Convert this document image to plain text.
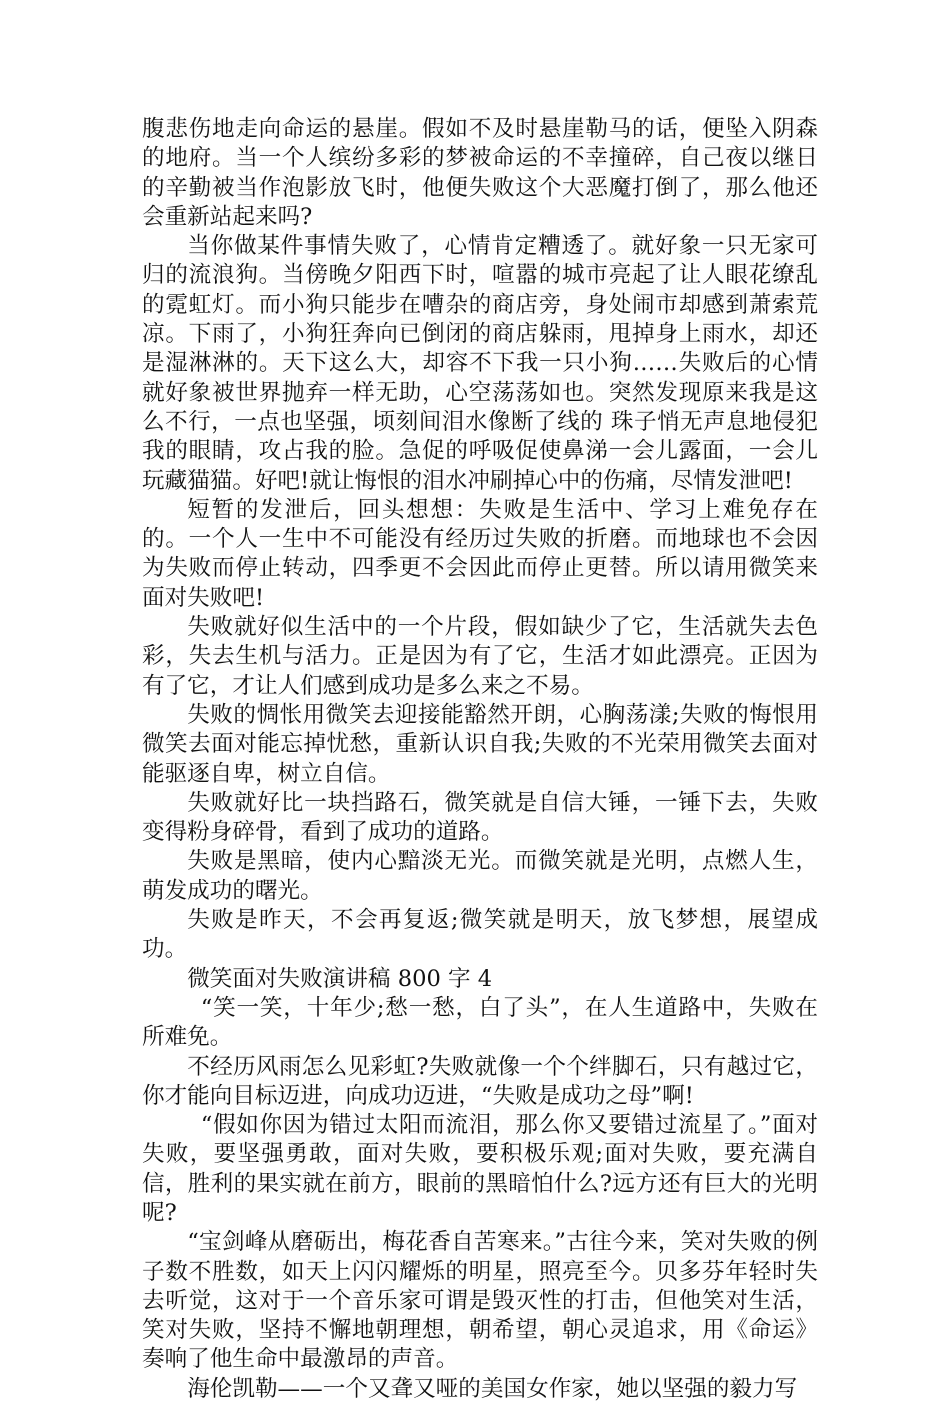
腹悲伤地走向命运的悬崖。假如不及时悬崖勒马的话，便坠入阴森的地府。当一个人缤纷多彩的梦被命运的不幸撞碎，自己夜以继日的辛勤被当作泡影放飞时，他便失败这个大恶魔打倒了，那么他还会重新站起来吗?

当你做某件事情失败了，心情肯定糟透了。就好象一只无家可归的流浪狗。当傍晚夕阳西下时，喧嚣的城市亮起了让人眼花缭乱的霓虹灯。而小狗只能步在嘈杂的商店旁，身处闹市却感到萧索荒凉。下雨了，小狗狂奔向已倒闭的商店躲雨，甩掉身上雨水，却还是湿淋淋的。天下这么大，却容不下我一只小狗……失败后的心情就好象被世界抛弃一样无助，心空荡荡如也。突然发现原来我是这么不行，一点也坚强，顷刻间泪水像断了线的 珠子悄无声息地侵犯我的眼睛，攻占我的脸。急促的呼吸促使鼻涕一会儿露面，一会儿玩藏猫猫。好吧!就让悔恨的泪水冲刷掉心中的伤痛，尽情发泄吧!

短暂的发泄后，回头想想：失败是生活中、学习上难免存在的。一个人一生中不可能没有经历过失败的折磨。而地球也不会因为失败而停止转动，四季更不会因此而停止更替。所以请用微笑来面对失败吧!

失败就好似生活中的一个片段，假如缺少了它，生活就失去色彩，失去生机与活力。正是因为有了它，生活才如此漂亮。正因为有了它，才让人们感到成功是多么来之不易。

失败的惆怅用微笑去迎接能豁然开朗，心胸荡漾;失败的悔恨用微笑去面对能忘掉忧愁，重新认识自我;失败的不光荣用微笑去面对能驱逐自卑，树立自信。

失败就好比一块挡路石，微笑就是自信大锤，一锤下去，失败变得粉身碎骨，看到了成功的道路。

失败是黑暗，使内心黯淡无光。而微笑就是光明，点燃人生，萌发成功的曙光。

失败是昨天，不会再复返;微笑就是明天，放飞梦想，展望成功。

微笑面对失败演讲稿 800 字 4

“笑一笑，十年少;愁一愁，白了头”，在人生道路中，失败在所难免。

不经历风雨怎么见彩虹?失败就像一个个绊脚石，只有越过它，你才能向目标迈进，向成功迈进，“失败是成功之母”啊!

“假如你因为错过太阳而流泪，那么你又要错过流星了。”面对失败，要坚强勇敢，面对失败，要积极乐观;面对失败，要充满自信，胜利的果实就在前方，眼前的黑暗怕什么?远方还有巨大的光明呢?

“宝剑峰从磨砺出，梅花香自苦寒来。”古往今来，笑对失败的例子数不胜数，如天上闪闪耀烁的明星，照亮至今。贝多芬年轻时失去听觉，这对于一个音乐家可谓是毁灭性的打击，但他笑对生活，笑对失败，坚持不懈地朝理想，朝希望，朝心灵追求，用《命运》奏响了他生命中最激昂的声音。

海伦凯勒——一个又聋又哑的美国女作家，她以坚强的毅力写
